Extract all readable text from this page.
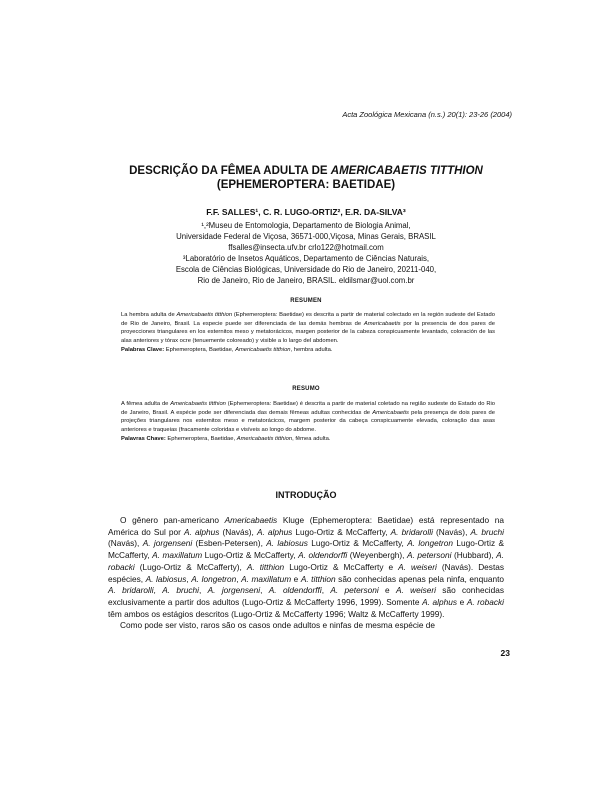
Acta Zoológica Mexicana (n.s.) 20(1): 23-26 (2004)
DESCRIÇÃO DA FÊMEA ADULTA DE AMERICABAETIS TITTHION
(EPHEMEROPTERA: BAETIDAE)
F.F. SALLES¹, C. R. LUGO-ORTIZ², E.R. DA-SILVA³
¹,²Museu de Entomologia, Departamento de Biologia Animal,
Universidade Federal de Viçosa, 36571-000,Viçosa, Minas Gerais, BRASIL
ffsalles@insecta.ufv.br crlo122@hotmail.com
³Laboratório de Insetos Aquáticos, Departamento de Ciências Naturais,
Escola de Ciências Biológicas, Universidade do Rio de Janeiro, 20211-040,
Rio de Janeiro, Rio de Janeiro, BRASIL. eldilsmar@uol.com.br
RESUMEN
La hembra adulta de Americabaetis titthion (Ephemeroptera: Baetidae) es descrita a partir de material colectado en la región sudeste del Estado de Rio de Janeiro, Brasil. La especie puede ser diferenciada de las demás hembras de Americabaetis por la presencia de dos pares de proyecciones triangulares en los esternitos meso y metatorácicos, margen posterior de la cabeza conspicuamente levantado, coloración de las alas anteriores y tórax ocre (tenuemente coloreado) y visible a lo largo del abdomen.
Palabras Clave: Ephemeroptera, Baetidae, Americabaetis titthion, hembra adulta.
RESUMO
A fêmea adulta de Americabaetis titthion (Ephemeroptera: Baetidae) é descrita a partir de material coletado na região sudeste do Estado do Rio de Janeiro, Brasil. A espécie pode ser diferenciada das demais fêmeas adultas conhecidas de Americabaetis pela presença de dois pares de projeções triangulares nos esternitos meso e metatorácicos, margem posterior da cabeça conspicuamente elevada, coloração das asas anteriores e traqueias (fracamente coloridas e visíveis ao longo do abdome.
Palavras Chave: Ephemeroptera, Baetidae, Americabaetis titthion, fêmea adulta.
INTRODUÇÃO

O gênero pan-americano Americabaetis Kluge (Ephemeroptera: Baetidae) está representado na América do Sul por A. alphus (Navás), A. alphus Lugo-Ortiz & McCafferty, A. bridarolli (Navás), A. bruchi (Navás), A. jorgenseni (Esben-Petersen), A. labiosus Lugo-Ortiz & McCafferty, A. longetron Lugo-Ortiz & McCafferty, A. maxillatum Lugo-Ortiz & McCafferty, A. oldendorffi (Weyenbergh), A. petersoni (Hubbard), A. robacki (Lugo-Ortiz & McCafferty), A. titthion Lugo-Ortiz & McCafferty e A. weiseri (Navás). Destas espécies, A. labiosus, A. longetron, A. maxillatum e A. titthion são conhecidas apenas pela ninfa, enquanto A. bridarolli, A. bruchi, A. jorgenseni, A. oldendorffi, A. petersoni e A. weiseri são conhecidas exclusivamente a partir dos adultos (Lugo-Ortiz & McCafferty 1996, 1999). Somente A. alphus e A. robacki têm ambos os estágios descritos (Lugo-Ortiz & McCafferty 1996; Waltz & McCafferty 1999).

Como pode ser visto, raros são os casos onde adultos e ninfas de mesma espécie de

23
